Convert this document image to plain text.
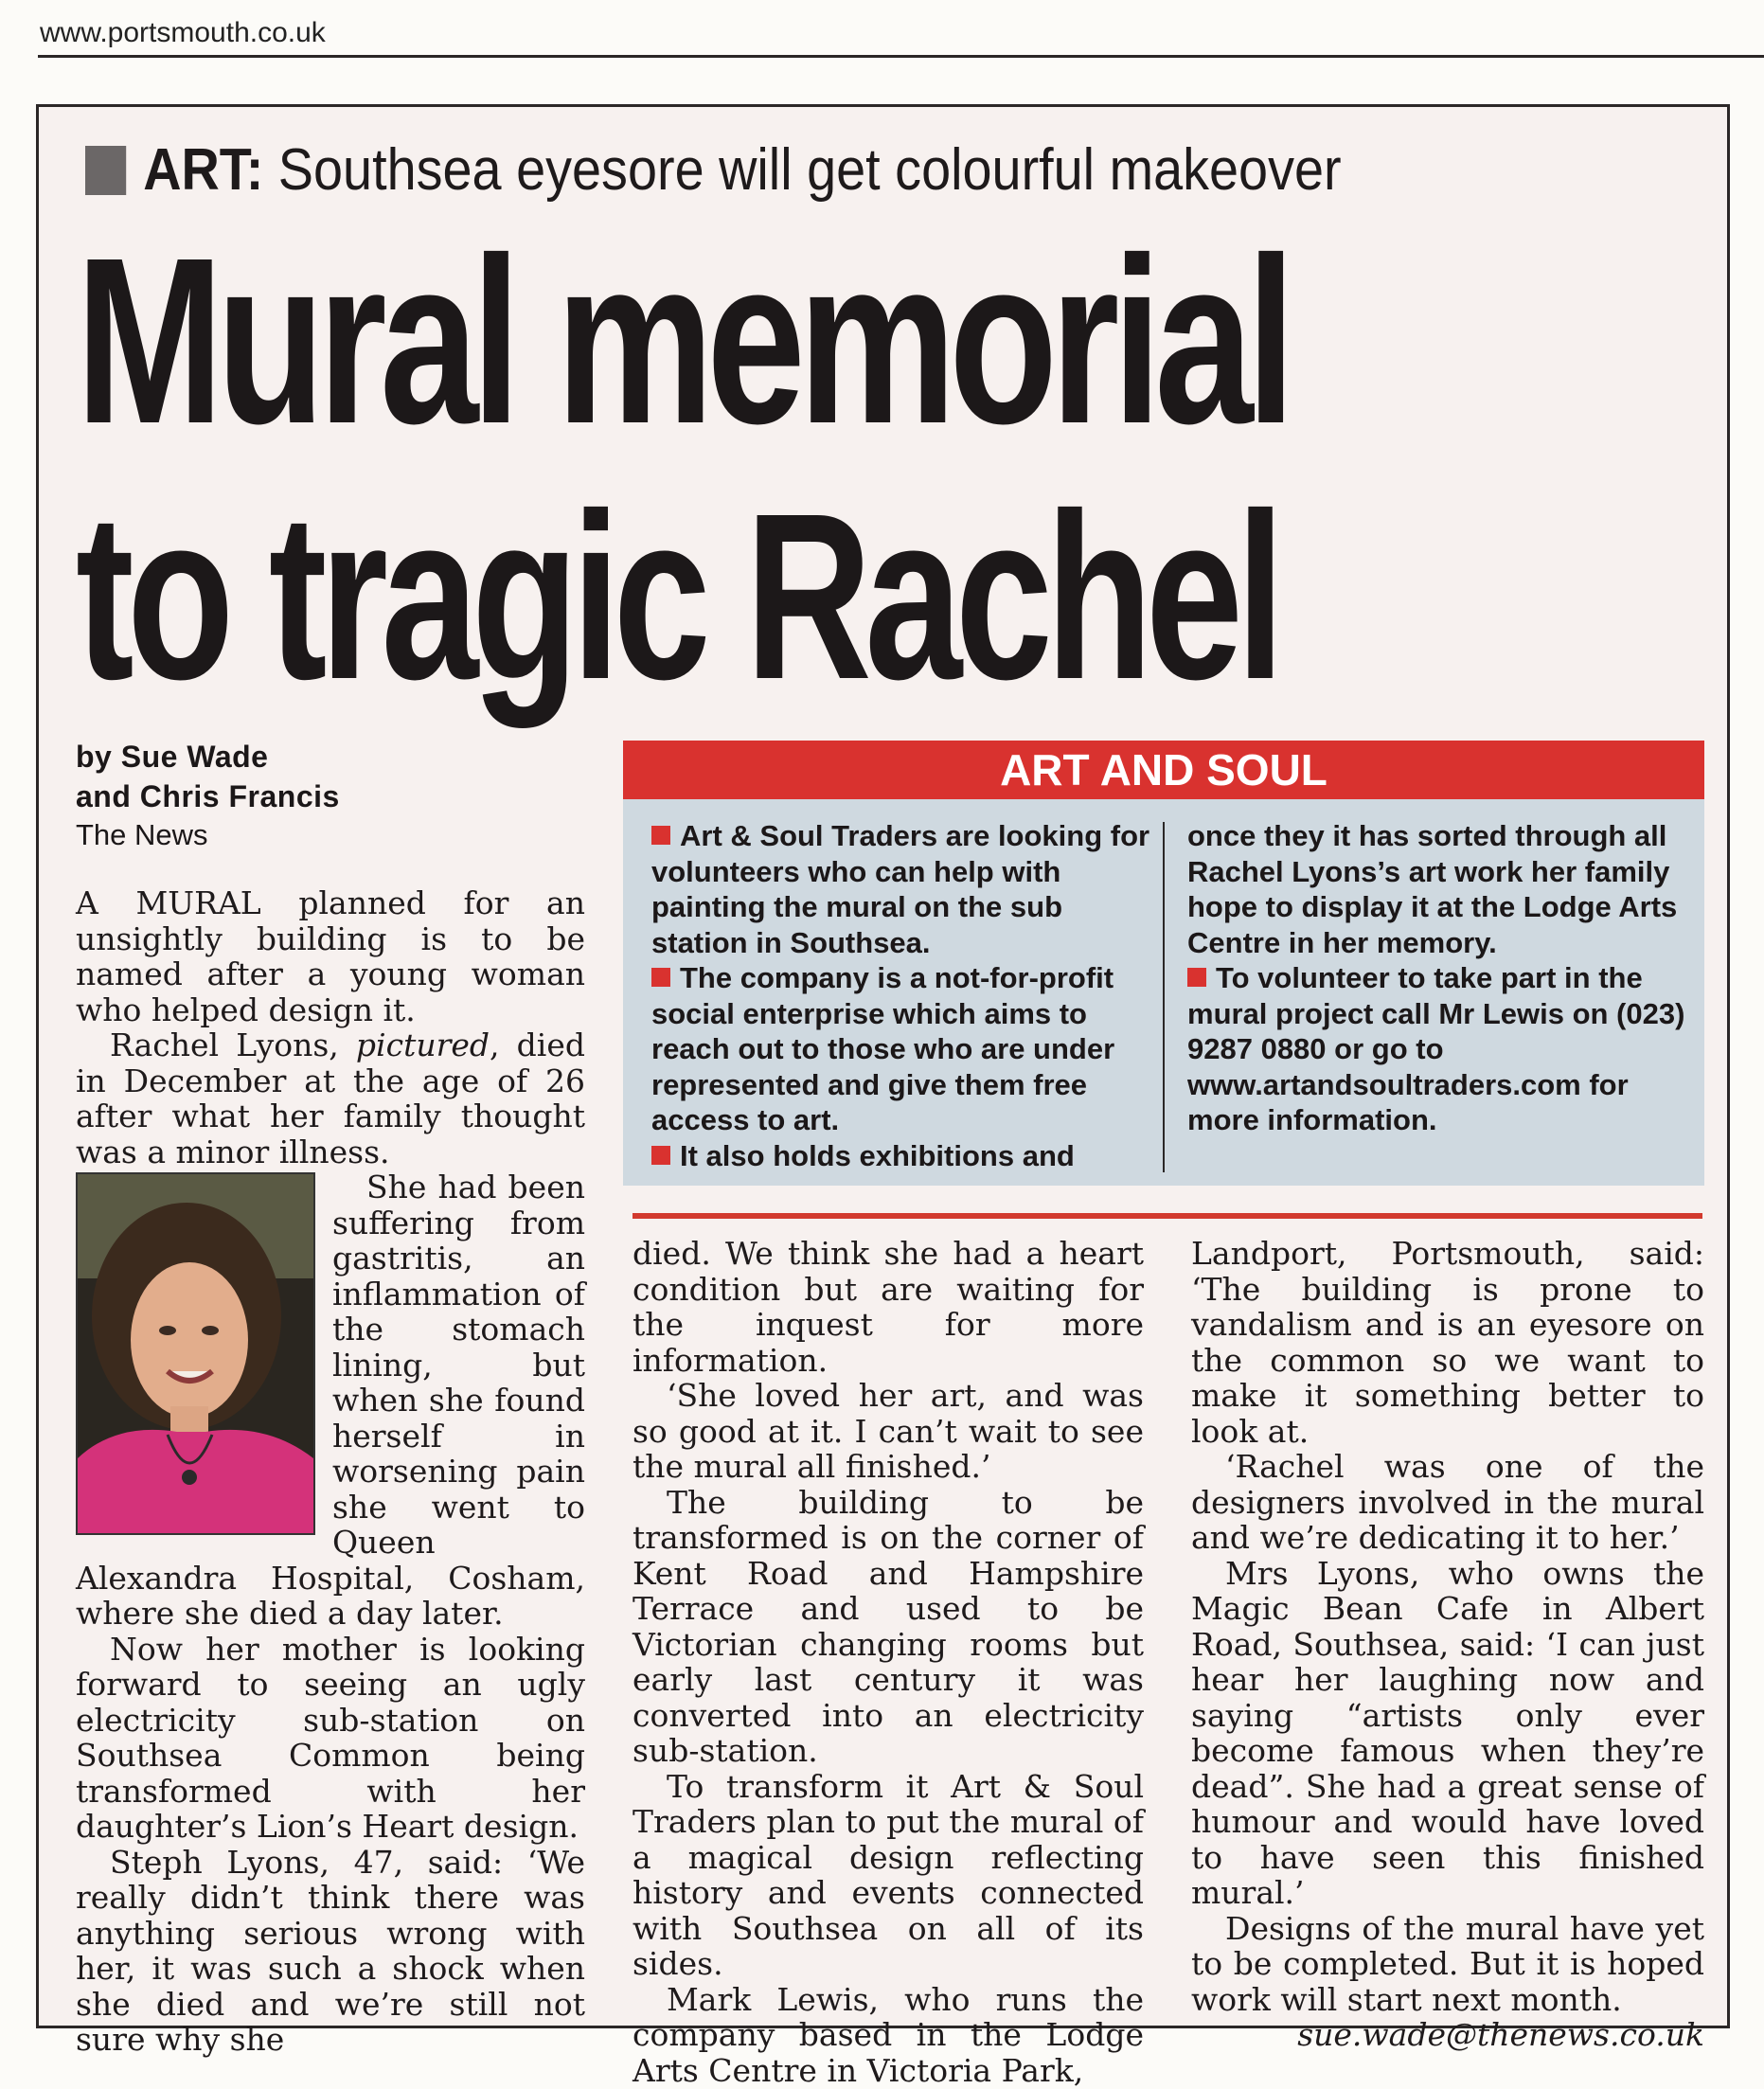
www.portsmouth.co.uk
ART: Southsea eyesore will get colourful makeover
Mural memorial
to tragic Rachel
by Sue Wade
and Chris Francis
The News
ART AND SOUL

Art & Soul Traders are looking for volunteers who can help with painting the mural on the sub station in Southsea.

The company is a not-for-profit social enterprise which aims to reach out to those who are under represented and give them free access to art.

It also holds exhibitions and

once they it has sorted through all Rachel Lyons’s art work her family hope to display it at the Lodge Arts Centre in her memory.

To volunteer to take part in the mural project call Mr Lewis on (023) 9287 0880 or go to www.artandsoultraders.com for more information.

A MURAL planned for an unsightly building is to be named after a young woman who helped design it.

Rachel Lyons, pictured, died in December at the age of 26 after what her family thought was a minor illness.

She had been suffering from gastritis, an inflammation of the stomach lining, but when she found herself in worsening pain she went to Queen Alexandra Hospital, Cosham, where she died a day later.

Now her mother is looking forward to seeing an ugly electricity sub-station on Southsea Common being transformed with her daughter’s Lion’s Heart design.

Steph Lyons, 47, said: ‘We really didn’t think there was anything serious wrong with her, it was such a shock when she died and we’re still not sure why she

died. We think she had a heart condition but are waiting for the inquest for more information.

‘She loved her art, and was so good at it. I can’t wait to see the mural all finished.’

The building to be transformed is on the corner of Kent Road and Hampshire Terrace and used to be Victorian changing rooms but early last century it was converted into an electricity sub-station.

To transform it Art & Soul Traders plan to put the mural of a magical design reflecting history and events connected with Southsea on all of its sides.

Mark Lewis, who runs the company based in the Lodge Arts Centre in Victoria Park,

Landport, Portsmouth, said: ‘The building is prone to vandalism and is an eyesore on the common so we want to make it something better to look at.

‘Rachel was one of the designers involved in the mural and we’re dedicating it to her.’

Mrs Lyons, who owns the Magic Bean Cafe in Albert Road, Southsea, said: ‘I can just hear her laughing now and saying “artists only ever become famous when they’re dead”. She had a great sense of humour and would have loved to have seen this finished mural.’

Designs of the mural have yet to be completed. But it is hoped work will start next month.

sue.wade@thenews.co.uk
